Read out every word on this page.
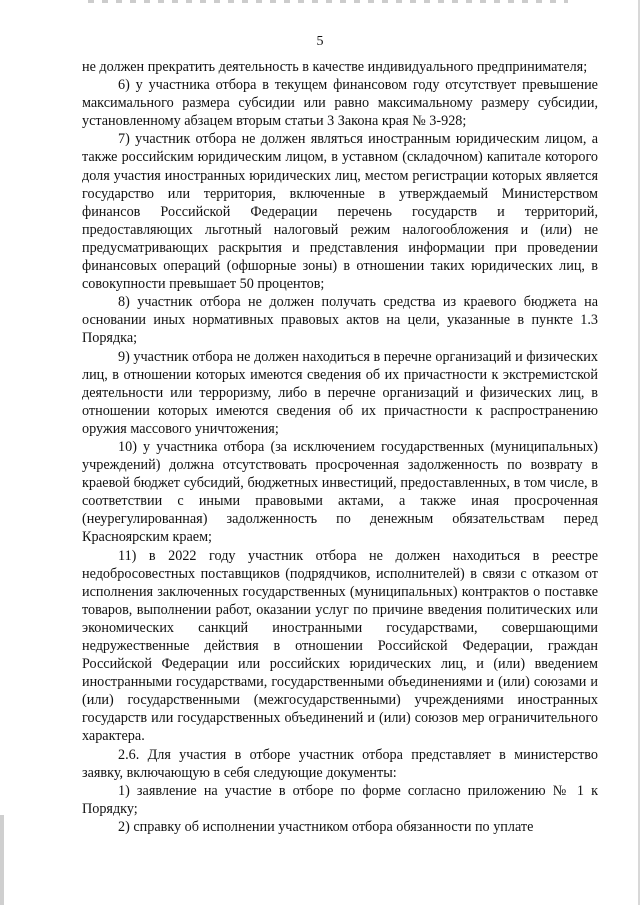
5

не должен прекратить деятельность в качестве индивидуального предпринимателя;

6) у участника отбора в текущем финансовом году отсутствует превышение максимального размера субсидии или равно максимальному размеру субсидии, установленному абзацем вторым статьи 3 Закона края № 3-928;

7) участник отбора не должен являться иностранным юридическим лицом, а также российским юридическим лицом, в уставном (складочном) капитале которого доля участия иностранных юридических лиц, местом регистрации которых является государство или территория, включенные в утверждаемый Министерством финансов Российской Федерации перечень государств и территорий, предоставляющих льготный налоговый режим налогообложения и (или) не предусматривающих раскрытия и представления информации при проведении финансовых операций (офшорные зоны) в отношении таких юридических лиц, в совокупности превышает 50 процентов;

8) участник отбора не должен получать средства из краевого бюджета на основании иных нормативных правовых актов на цели, указанные в пункте 1.3 Порядка;

9) участник отбора не должен находиться в перечне организаций и физических лиц, в отношении которых имеются сведения об их причастности к экстремистской деятельности или терроризму, либо в перечне организаций и физических лиц, в отношении которых имеются сведения об их причастности к распространению оружия массового уничтожения;

10) у участника отбора (за исключением государственных (муниципальных) учреждений) должна отсутствовать просроченная задолженность по возврату в краевой бюджет субсидий, бюджетных инвестиций, предоставленных, в том числе, в соответствии с иными правовыми актами, а также иная просроченная (неурегулированная) задолженность по денежным обязательствам перед Красноярским краем;

11) в 2022 году участник отбора не должен находиться в реестре недобросовестных поставщиков (подрядчиков, исполнителей) в связи с отказом от исполнения заключенных государственных (муниципальных) контрактов о поставке товаров, выполнении работ, оказании услуг по причине введения политических или экономических санкций иностранными государствами, совершающими недружественные действия в отношении Российской Федерации, граждан Российской Федерации или российских юридических лиц, и (или) введением иностранными государствами, государственными объединениями и (или) союзами и (или) государственными (межгосударственными) учреждениями иностранных государств или государственных объединений и (или) союзов мер ограничительного характера.

2.6. Для участия в отборе участник отбора представляет в министерство заявку, включающую в себя следующие документы:

1) заявление на участие в отборе по форме согласно приложению № 1 к Порядку;

2) справку об исполнении участником отбора обязанности по уплате
